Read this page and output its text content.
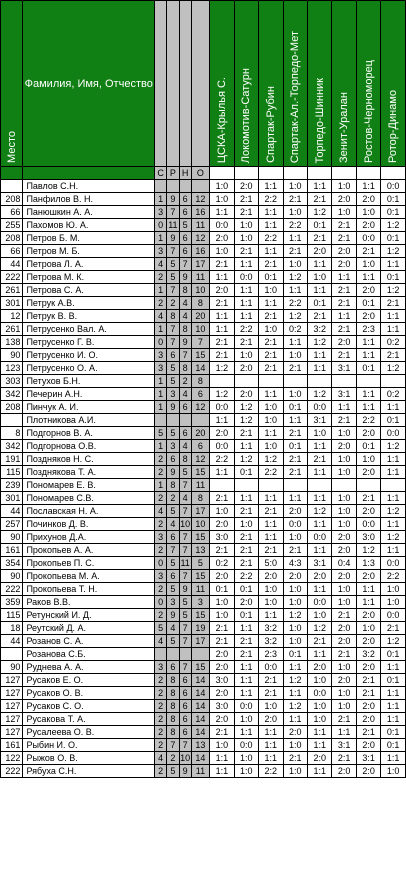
Место	Фамилия, Имя, Отчество					ЦСКА-Крылья С.	Локомотив-Сатурн	Спартак-Рубин	Спартак-Ал.-Торпедо-Мет	Торпедо-Шинник	Зенит-Уралан	Ростов-Черноморец	Ротор-Динамо

		С	Р	Н	О								
	Павлов С.Н.					1:0	2:0	1:1	1:0	1:1	1:0	1:1	0:0
208	Панфилов В. Н.	1	9	6	12	1:0	2:1	2:2	2:1	2:1	2:0	2:0	0:1
66	Панюшкин А. А.	3	7	6	16	1:1	2:1	1:1	1:0	1:2	1:0	1:0	0:1
255	Пахомов Ю. А.	0	11	5	11	0:0	1:0	1:1	2:2	0:1	2:1	2:0	1:2
208	Петров Б. М.	1	9	6	12	2:0	1:0	2:2	1:1	2:1	2:1	0:0	0:1
66	Петров М. Б.	3	7	6	16	1:0	2:1	1:1	2:1	2:0	2:0	2:1	1:2
44	Петрова Л. А.	4	5	7	17	2:1	1:1	2:1	1:0	1:1	2:0	1:0	1:1
222	Петрова М. К.	2	5	9	11	1:1	0:0	0:1	1:2	1:0	1:1	1:1	0:1
261	Петрова С. А.	1	7	8	10	2:0	1:1	1:0	1:1	1:1	2:1	2:0	1:2
301	Петрук А.В.	2	2	4	8	2:1	1:1	1:1	2:2	0:1	2:1	0:1	2:1
12	Петрук В. В.	4	8	4	20	1:1	1:1	2:1	1:2	2:1	1:1	2:0	1:1
261	Петрусенко Вал. А.	1	7	8	10	1:1	2:2	1:0	0:2	3:2	2:1	2:3	1:1
138	Петрусенко Г. В.	0	7	9	7	2:1	2:1	2:1	1:1	1:2	2:0	1:1	0:2
90	Петрусенко И. О.	3	6	7	15	2:1	1:0	2:1	1:0	1:1	2:1	1:1	2:1
123	Петрусенко О. А.	3	5	8	14	1:2	2:0	2:1	2:1	1:1	3:1	0:1	1:2
303	Петухов Б.Н.	1	5	2	8								
342	Печерин А.Н.	1	3	4	6	1:2	2:0	1:1	1:0	1:2	3:1	1:1	0:2
208	Пинчук А. И.	1	9	6	12	0:0	1:2	1:0	0:1	0:0	1:1	1:1	1:1
	Плотникова А.И.					1:1	1:2	1:0	1:1	3:1	2:1	2:2	0:1
8	Подгорнов В. А.	5	5	6	20	2:0	2:1	1:1	2:1	1:0	1:0	2:0	0:0
342	Подгорнова О.В.	1	3	4	6	0:0	1:1	1:0	0:1	1:1	2:0	0:1	1:2
191	Поздняков Н. С.	2	6	8	12	2:2	1:2	1:2	2:1	2:1	1:0	1:0	1:1
115	Позднякова Т. А.	2	9	5	15	1:1	0:1	2:2	2:1	1:1	1:0	2:0	1:1
239	Пономарев Е. В.	1	8	7	11								
301	Пономарев С.В.	2	2	4	8	2:1	1:1	1:1	1:1	1:1	1:0	2:1	1:1
44	Пославская Н. А.	4	5	7	17	1:0	2:1	2:1	2:0	1:2	1:0	2:0	1:2
257	Починков Д. В.	2	4	10	10	2:0	1:0	1:1	0:0	1:1	1:0	0:0	1:1
90	Прихунов Д.А.	3	6	7	15	3:0	2:1	1:1	1:0	0:0	2:0	3:0	1:2
161	Прокопьев А. А.	2	7	7	13	2:1	2:1	2:1	2:1	1:1	2:0	1:2	1:1
354	Прокопьев П. С.	0	5	11	5	0:2	2:1	5:0	4:3	3:1	0:4	1:3	0:0
90	Прокопьева М. А.	3	6	7	15	2:0	2:2	2:0	2:0	2:0	2:0	2:0	2:2
222	Прокопьева Т. Н.	2	5	9	11	0:1	0:1	1:0	1:0	1:1	1:0	1:1	1:0
359	Раков В.В.	0	3	5	3	1:0	2:0	1:0	1:0	0:0	1:0	1:1	1:0
115	Ретунский И. Д.	2	9	5	15	1:0	0:1	1:1	1:2	1:0	2:1	2:0	0:0
18	Реутский Д. А.	5	4	7	19	2:1	1:1	3:2	1:0	1:2	2:0	1:0	2:1
44	Розанов С. А.	4	5	7	17	2:1	2:1	3:2	1:0	2:1	2:0	2:0	1:2
	Розанова С.Б.					2:0	2:1	2:3	0:1	1:1	2:1	3:2	0:1
90	Руднева А. А.	3	6	7	15	2:0	1:1	0:0	1:1	2:0	1:0	2:0	1:1
127	Русаков Е. О.	2	8	6	14	3:0	1:1	2:1	1:2	1:0	2:0	2:1	0:1
127	Русаков О. В.	2	8	6	14	2:0	1:1	2:1	1:1	0:0	1:0	2:1	1:1
127	Русаков С. О.	2	8	6	14	3:0	0:0	1:0	1:2	1:0	1:0	2:0	1:1
127	Русакова Т. А.	2	8	6	14	2:0	1:0	2:0	1:1	1:0	2:1	2:0	1:1
127	Русалеева О. В.	2	8	6	14	2:1	1:1	1:1	2:0	1:1	1:1	2:1	0:1
161	Рыбин И. О.	2	7	7	13	1:0	0:0	1:1	1:0	1:1	3:1	2:0	0:1
122	Рыжов О. В.	4	2	10	14	1:1	1:0	1:1	2:1	2:0	2:1	3:1	1:1
222	Рябуха С.Н.	2	5	9	11	1:1	1:0	2:2	1:0	1:1	2:0	2:0	1:0
